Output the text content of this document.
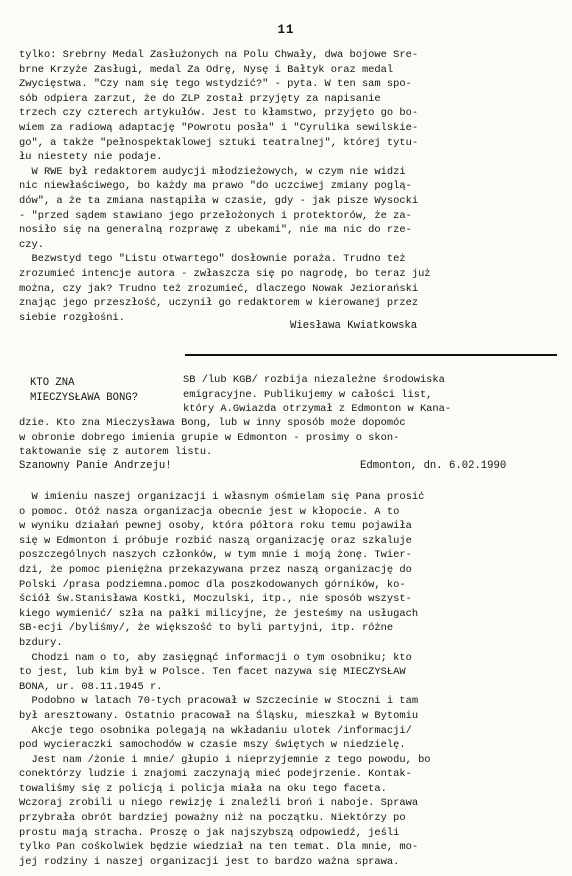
11
tylko: Srebrny Medal Zasłużonych na Polu Chwały, dwa bojowe Sre-
brne Krzyże Zasługi, medal Za Odrę, Nysę i Bałtyk oraz medal
Zwycięstwa. "Czy nam się tego wstydzić?" - pyta. W ten sam spo-
sób odpiera zarzut, że do ZLP został przyjęty za napisanie
trzech czy czterech artykułów. Jest to kłamstwo, przyjęto go bo-
wiem za radiową adaptację "Powrotu posła" i "Cyrulika sewilskie-
go", a także "pełnospektaklowej sztuki teatralnej", której tytu-
łu niestety nie podaje.
W RWE był redaktorem audycji młodzieżowych, w czym nie widzi
nic niewłaściwego, bo każdy ma prawo "do uczciwej zmiany poglą-
dów", a że ta zmiana nastąpiła w czasie, gdy - jak pisze Wysocki
- "przed sądem stawiano jego przełożonych i protektorów, że za-
nosiło się na generalną rozprawę z ubekami", nie ma nic do rze-
czy.
Bezwstyd tego "Listu otwartego" dosłownie poraża. Trudno też
zrozumieć intencje autora - zwłaszcza się po nagrodę, bo teraz już
można, czy jak? Trudno też zrozumieć, dlaczego Nowak Jeziorański
znając jego przeszłość, uczynił go redaktorem w kierowanej przez
siebie rozgłośni.
Wiesława Kwiatkowska
KTO ZNA
MIECZYSŁAWA BONG?
SB /lub KGB/ rozbija niezależne środowiska
emigracyjne. Publikujemy w całości list,
który A.Gwiazda otrzymał z Edmonton w Kana-
dzie. Kto zna Mieczysława Bong, lub w inny sposób może dopomóc
w obronie dobrego imienia grupie w Edmonton - prosimy o skon-
taktowanie się z autorem listu.
Szanowny Panie Andrzeju!	Edmonton, dn. 6.02.1990
W imieniu naszej organizacji i własnym ośmielam się Pana prosić
o pomoc. Otóż nasza organizacja obecnie jest w kłopocie. A to
w wyniku działań pewnej osoby, która półtora roku temu pojawiła
się w Edmonton i próbuje rozbić naszą organizację oraz szkaluje
poszczególnych naszych członków, w tym mnie i moją żonę. Twier-
dzi, że pomoc pieniężna przekazywana przez naszą organizację do
Polski /prasa podziemna.pomoc dla poszkodowanych górników, ko-
ściół św.Stanisława Kostki, Moczulski, itp., nie sposób wszyst-
kiego wymienić/ szła na pałki milicyjne, że jesteśmy na usługach
SB-ecji /byliśmy/, że większość to byli partyjni, itp. różne
bzdury.
Chodzi nam o to, aby zasięgnąć informacji o tym osobniku; kto
to jest, lub kim był w Polsce. Ten facet nazywa się MIECZYSŁAW
BONA, ur. 08.11.1945 r.
Podobno w latach 70-tych pracował w Szczecinie w Stoczni i tam
był aresztowany. Ostatnio pracował na Śląsku, mieszkał w Bytomiu
Akcje tego osobnika polegają na wkładaniu ulotek /informacji/
pod wycieraczki samochodów w czasie mszy świętych w niedzielę.
Jest nam /żonie i mnie/ głupio i nieprzyjemnie z tego powodu, bo
conektórzy ludzie i znajomi zaczynają mieć podejrzenie. Kontak-
towaliśmy się z policją i policja miała na oku tego faceta.
Wczoraj zrobili u niego rewizję i znaleźli broń i naboje. Sprawa
przybrała obrót bardziej poważny niż na początku. Niektórzy po
prostu mają stracha. Proszę o jak najszybszą odpowiedź, jeśli
tylko Pan cośkolwiek będzie wiedział na ten temat. Dla mnie, mo-
jej rodziny i naszej organizacji jest to bardzo ważna sprawa.
